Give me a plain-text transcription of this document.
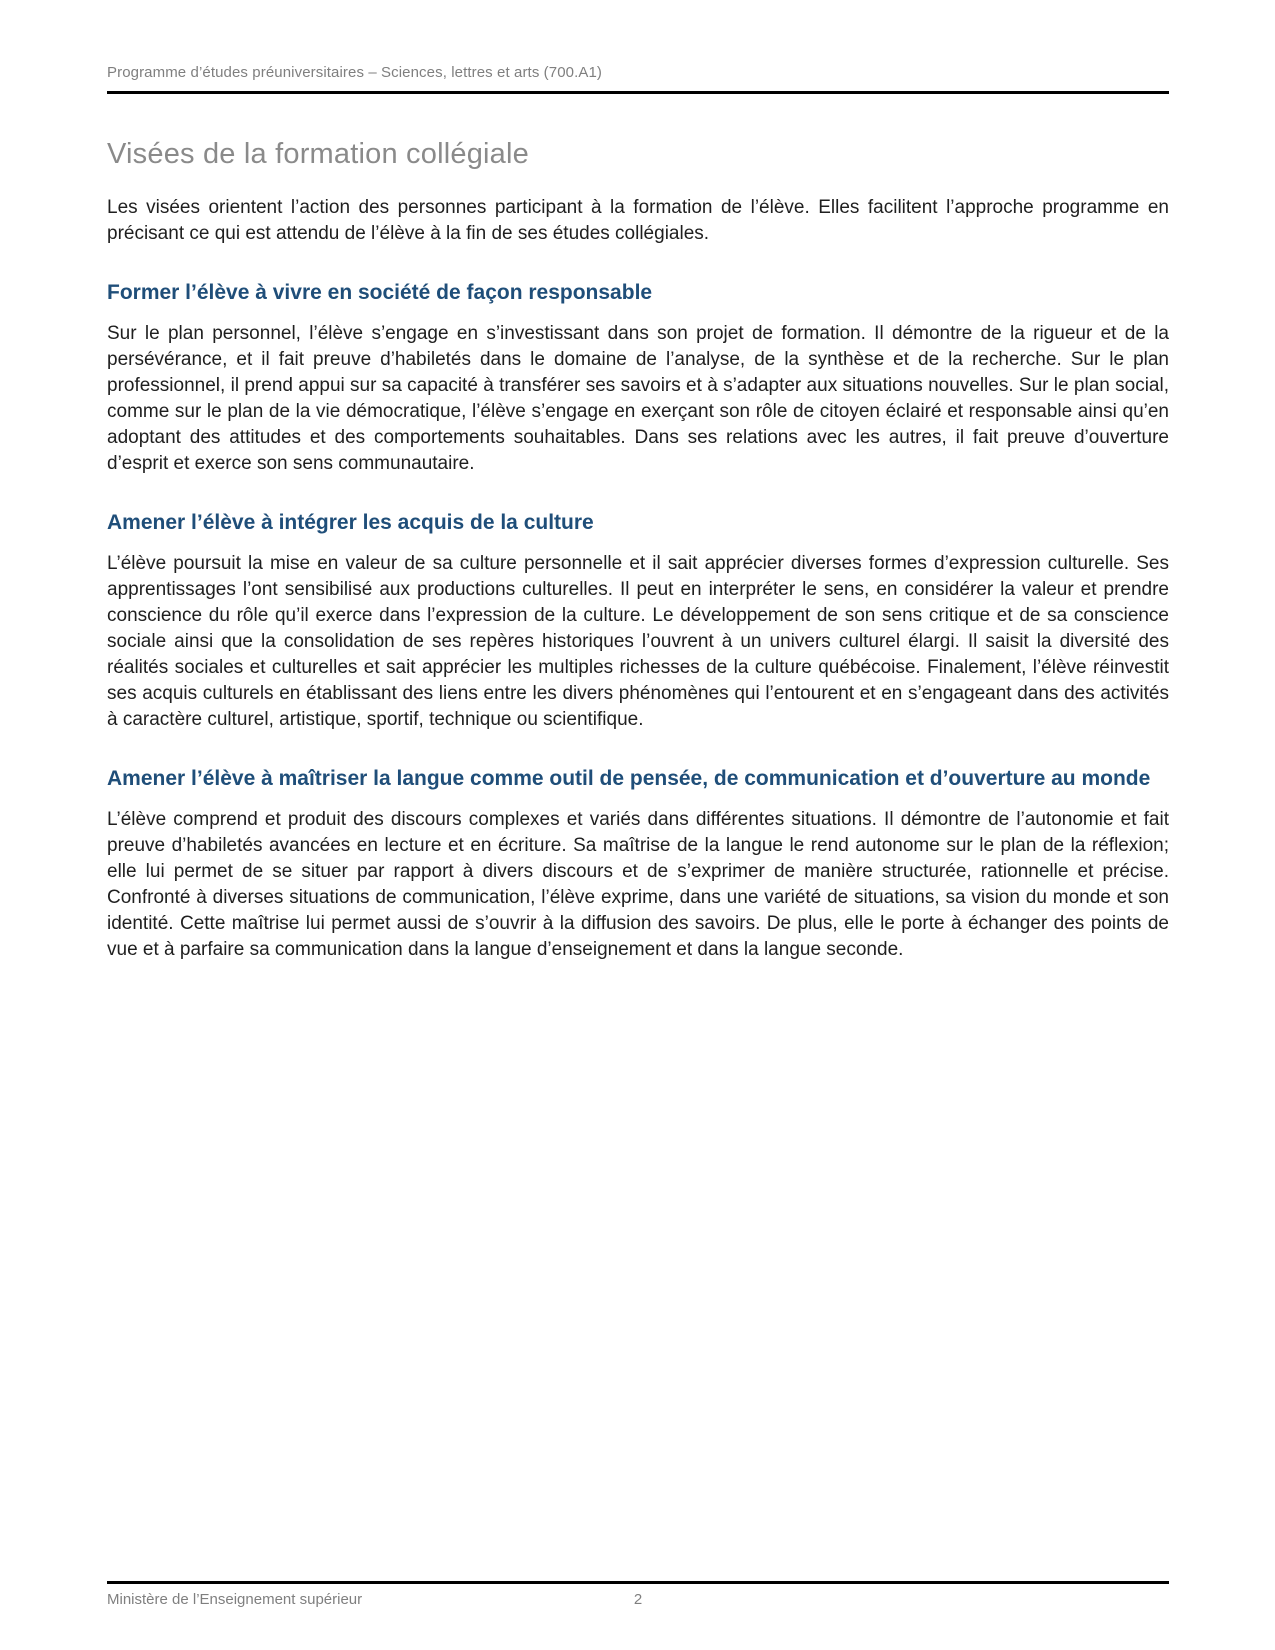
Programme d’études préuniversitaires – Sciences, lettres et arts (700.A1)
Visées de la formation collégiale

Les visées orientent l’action des personnes participant à la formation de l’élève. Elles facilitent l’approche programme en précisant ce qui est attendu de l’élève à la fin de ses études collégiales.

Former l’élève à vivre en société de façon responsable

Sur le plan personnel, l’élève s’engage en s’investissant dans son projet de formation. Il démontre de la rigueur et de la persévérance, et il fait preuve d’habiletés dans le domaine de l’analyse, de la synthèse et de la recherche. Sur le plan professionnel, il prend appui sur sa capacité à transférer ses savoirs et à s’adapter aux situations nouvelles. Sur le plan social, comme sur le plan de la vie démocratique, l’élève s’engage en exerçant son rôle de citoyen éclairé et responsable ainsi qu’en adoptant des attitudes et des comportements souhaitables. Dans ses relations avec les autres, il fait preuve d’ouverture d’esprit et exerce son sens communautaire.

Amener l’élève à intégrer les acquis de la culture

L’élève poursuit la mise en valeur de sa culture personnelle et il sait apprécier diverses formes d’expression culturelle. Ses apprentissages l’ont sensibilisé aux productions culturelles. Il peut en interpréter le sens, en considérer la valeur et prendre conscience du rôle qu’il exerce dans l’expression de la culture. Le développement de son sens critique et de sa conscience sociale ainsi que la consolidation de ses repères historiques l’ouvrent à un univers culturel élargi. Il saisit la diversité des réalités sociales et culturelles et sait apprécier les multiples richesses de la culture québécoise. Finalement, l’élève réinvestit ses acquis culturels en établissant des liens entre les divers phénomènes qui l’entourent et en s’engageant dans des activités à caractère culturel, artistique, sportif, technique ou scientifique.

Amener l’élève à maîtriser la langue comme outil de pensée, de communication et d’ouverture au monde

L’élève comprend et produit des discours complexes et variés dans différentes situations. Il démontre de l’autonomie et fait preuve d’habiletés avancées en lecture et en écriture. Sa maîtrise de la langue le rend autonome sur le plan de la réflexion; elle lui permet de se situer par rapport à divers discours et de s’exprimer de manière structurée, rationnelle et précise. Confronté à diverses situations de communication, l’élève exprime, dans une variété de situations, sa vision du monde et son identité. Cette maîtrise lui permet aussi de s’ouvrir à la diffusion des savoirs. De plus, elle le porte à échanger des points de vue et à parfaire sa communication dans la langue d’enseignement et dans la langue seconde.

Ministère de l’Enseignement supérieur	2
